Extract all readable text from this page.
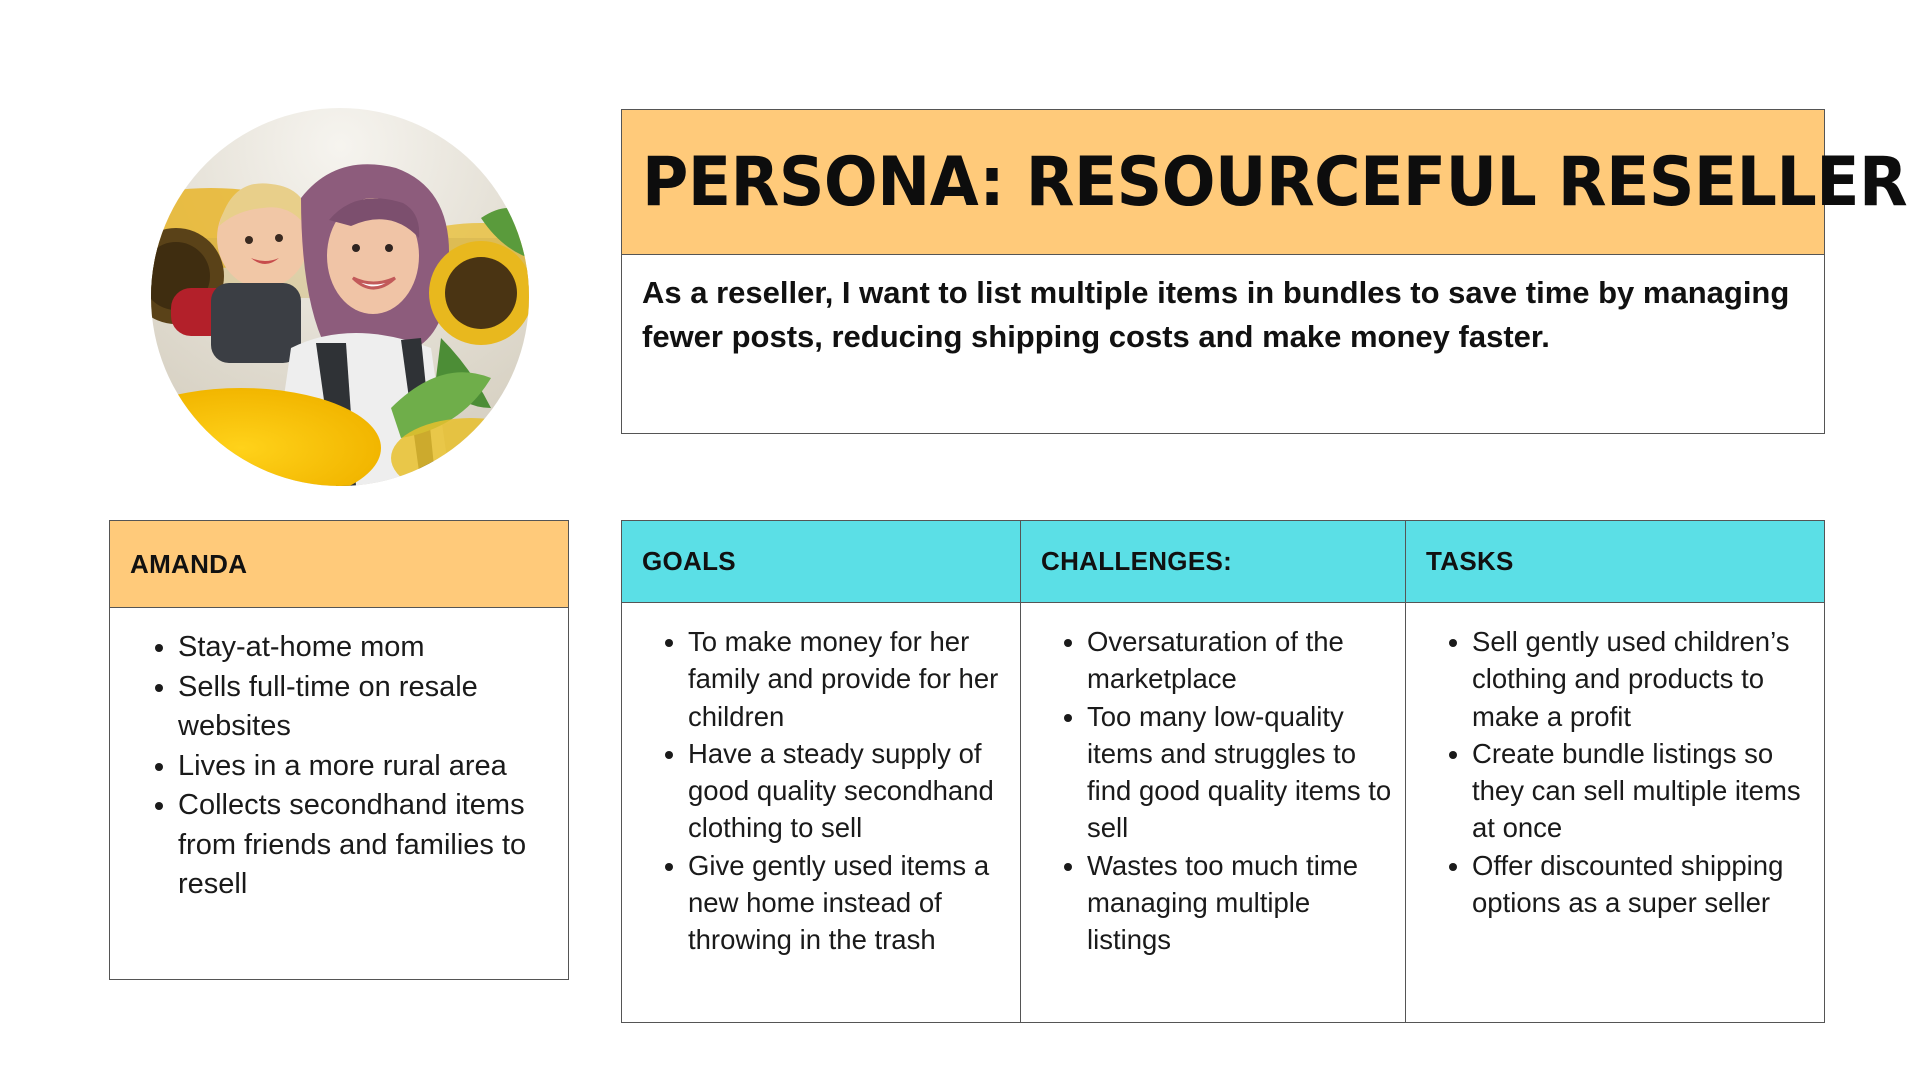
PERSONA: RESOURCEFUL RESELLER

As a reseller, I want to list multiple items in bundles to save time by managing fewer posts, reducing shipping costs and make money faster.

AMANDA
• Stay-at-home mom
• Sells full-time on resale websites
• Lives in a more rural area
• Collects secondhand items from friends and families to resell
GOALS
• To make money for her family and provide for her children
• Have a steady supply of good quality secondhand clothing to sell
• Give gently used items a new home instead of throwing in the trash
CHALLENGES:
• Oversaturation of the marketplace
• Too many low-quality items and struggles to find good quality items to sell
• Wastes too much time managing multiple listings
TASKS
• Sell gently used children’s clothing and products to make a profit
• Create bundle listings so they can sell multiple items at once
• Offer discounted shipping options as a super seller
